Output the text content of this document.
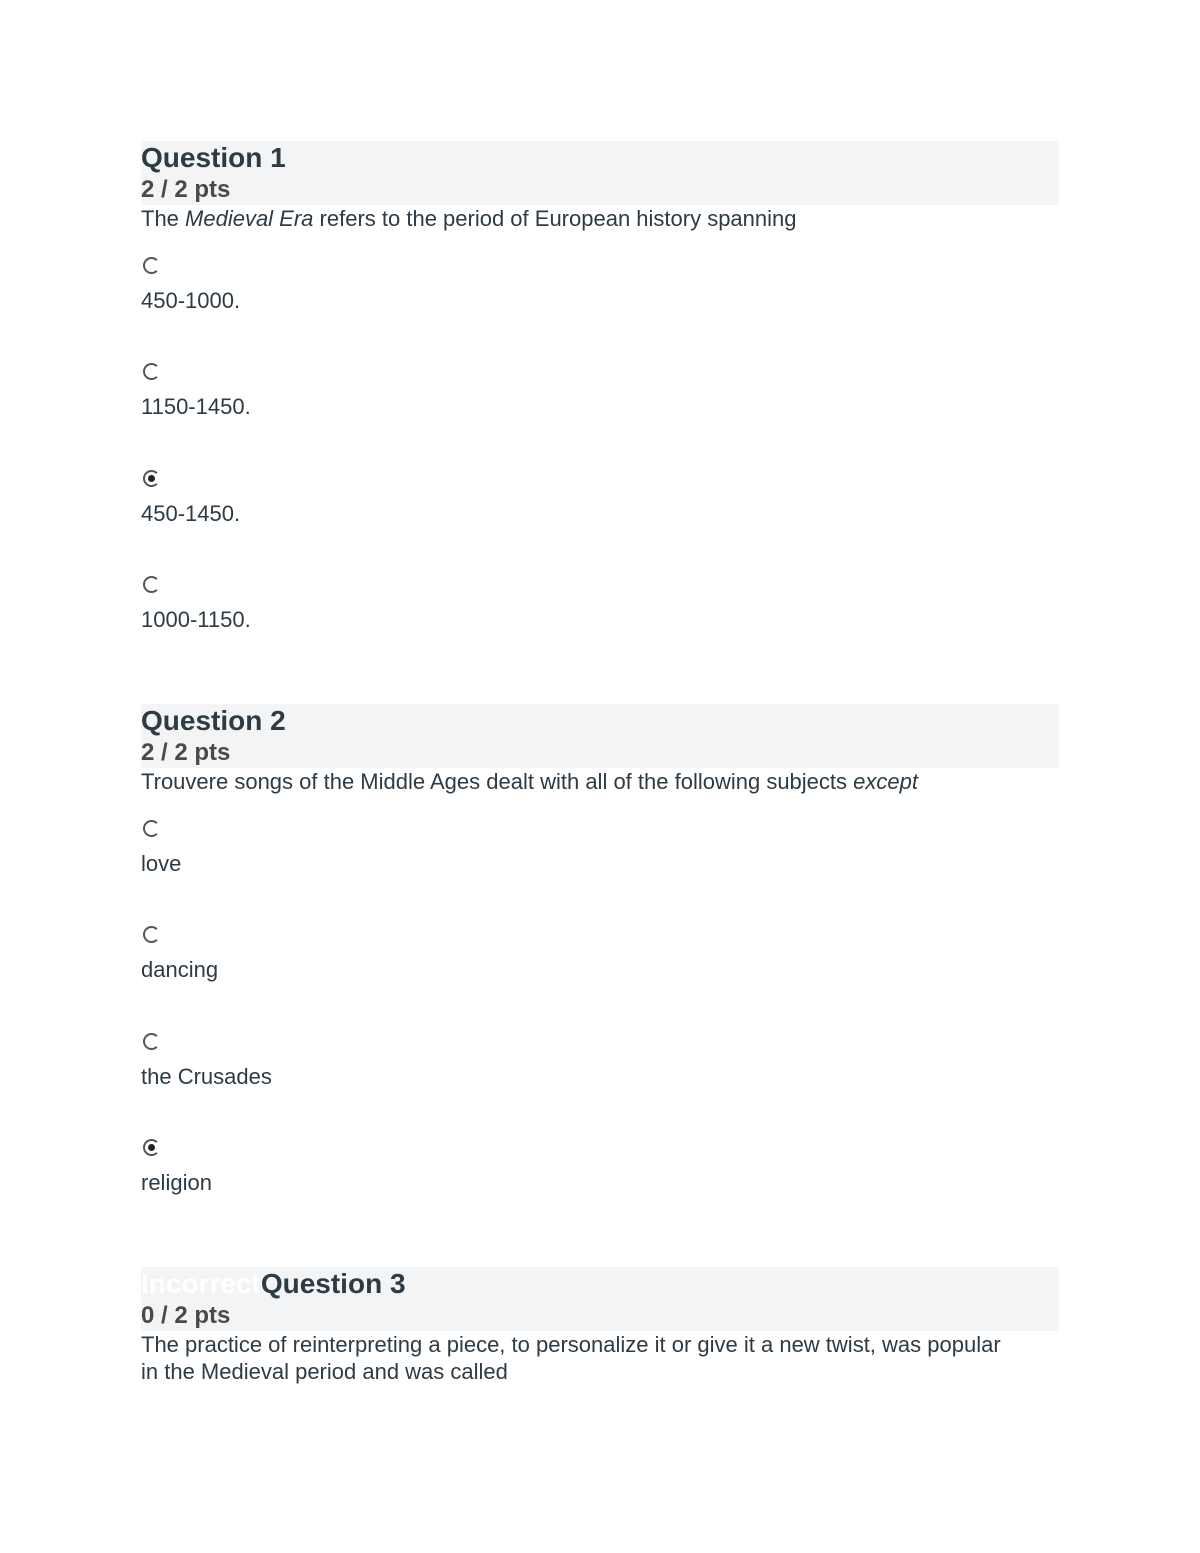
Question 1
2 / 2 pts
The Medieval Era refers to the period of European history spanning
450-1000.
1150-1450.
450-1450.
1000-1150.
Question 2
2 / 2 pts
Trouvere songs of the Middle Ages dealt with all of the following subjects except
love
dancing
the Crusades
religion
IncorrectQuestion 3
0 / 2 pts
The practice of reinterpreting a piece, to personalize it or give it a new twist, was popular in the Medieval period and was called
